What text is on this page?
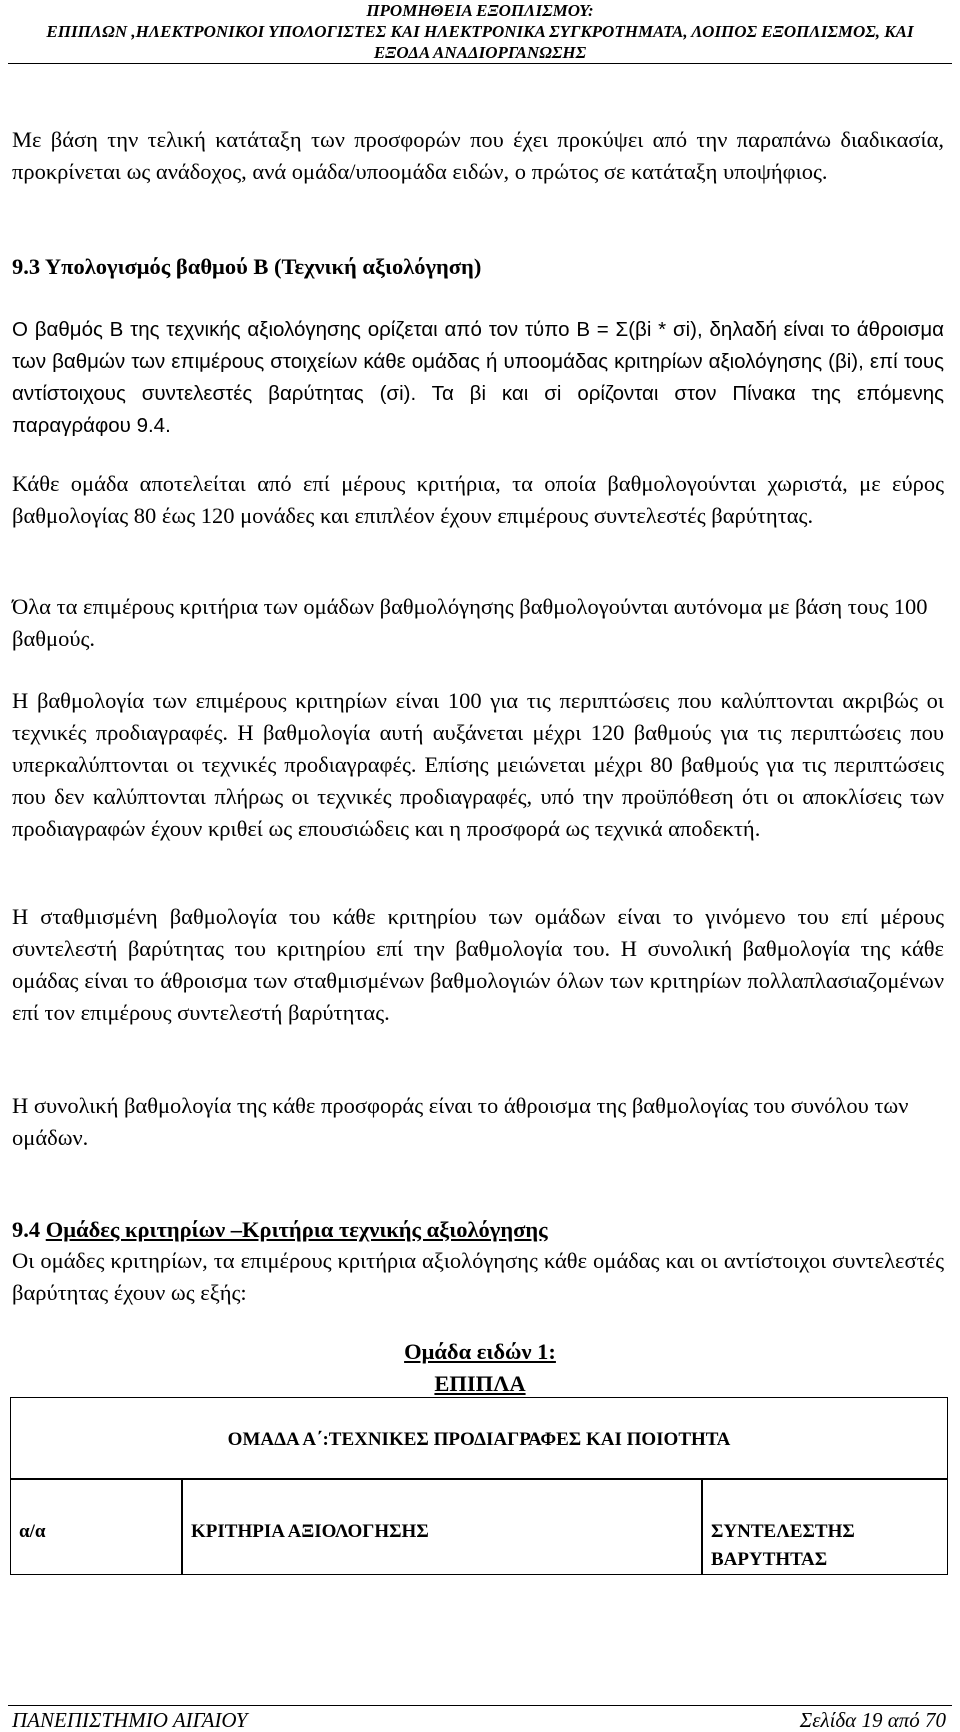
ΠΡΟΜΗΘΕΙΑ ΕΞΟΠΛΙΣΜΟΥ:
ΕΠΙΠΛΩΝ ,ΗΛΕΚΤΡΟΝΙΚΟΙ ΥΠΟΛΟΓΙΣΤΕΣ ΚΑΙ ΗΛΕΚΤΡΟΝΙΚΑ ΣΥΓΚΡΟΤΗΜΑΤΑ, ΛΟΙΠΟΣ ΕΞΟΠΛΙΣΜΟΣ, ΚΑΙ
ΕΞΟΔΑ ΑΝΑΔΙΟΡΓΑΝΩΣΗΣ

Με βάση την τελική κατάταξη των προσφορών που έχει προκύψει από την παραπάνω διαδικασία, προκρίνεται ως ανάδοχος, ανά ομάδα/υποομάδα ειδών, ο πρώτος σε κατάταξη υποψήφιος.

9.3 Υπολογισμός βαθμού Β (Τεχνική αξιολόγηση)

Ο βαθμός Β της τεχνικής αξιολόγησης ορίζεται από τον τύπο Β = Σ(βi * σi), δηλαδή είναι το άθροισμα των βαθμών των επιμέρους στοιχείων κάθε ομάδας ή υποομάδας κριτηρίων αξιολόγησης (βi), επί τους αντίστοιχους συντελεστές βαρύτητας (σi). Τα βi και σi ορίζονται στον Πίνακα της επόμενης παραγράφου 9.4.

Κάθε ομάδα αποτελείται από επί μέρους κριτήρια, τα οποία βαθμολογούνται χωριστά, με εύρος βαθμολογίας 80 έως 120 μονάδες και επιπλέον έχουν επιμέρους συντελεστές βαρύτητας.

Όλα τα επιμέρους κριτήρια των ομάδων βαθμολόγησης βαθμολογούνται αυτόνομα με βάση τους 100 βαθμούς.

Η βαθμολογία των επιμέρους κριτηρίων είναι 100 για τις περιπτώσεις που καλύπτονται ακριβώς οι τεχνικές προδιαγραφές. Η βαθμολογία αυτή αυξάνεται μέχρι 120 βαθμούς για τις περιπτώσεις που υπερκαλύπτονται οι τεχνικές προδιαγραφές. Επίσης μειώνεται μέχρι 80 βαθμούς για τις περιπτώσεις που δεν καλύπτονται πλήρως οι τεχνικές προδιαγραφές, υπό την προϋπόθεση ότι οι αποκλίσεις των προδιαγραφών έχουν κριθεί ως επουσιώδεις και η προσφορά ως τεχνικά αποδεκτή.

Η σταθμισμένη βαθμολογία του κάθε κριτηρίου των ομάδων είναι το γινόμενο του επί μέρους συντελεστή βαρύτητας του κριτηρίου επί την βαθμολογία του. Η συνολική βαθμολογία της κάθε ομάδας είναι το άθροισμα των σταθμισμένων βαθμολογιών όλων των κριτηρίων πολλαπλασιαζομένων επί τον επιμέρους συντελεστή βαρύτητας.

Η συνολική βαθμολογία της κάθε προσφοράς είναι το άθροισμα της βαθμολογίας του συνόλου των ομάδων.

9.4 Ομάδες κριτηρίων –Κριτήρια τεχνικής αξιολόγησης

Οι ομάδες κριτηρίων, τα επιμέρους κριτήρια αξιολόγησης κάθε ομάδας και οι αντίστοιχοι συντελεστές βαρύτητας έχουν ως εξής:

Ομάδα ειδών 1:
ΕΠΙΠΛΑ
ΟΜΑΔΑ Α΄:ΤΕΧΝΙΚΕΣ ΠΡΟΔΙΑΓΡΑΦΕΣ ΚΑΙ ΠΟΙΟΤΗΤΑ
α/α	ΚΡΙΤΗΡΙΑ ΑΞΙΟΛΟΓΗΣΗΣ	ΣΥΝΤΕΛΕΣΤΗΣ
ΒΑΡΥΤΗΤΑΣ
ΠΑΝΕΠΙΣΤΗΜΙΟ ΑΙΓΑΙΟΥ	Σελίδα 19 από 70
